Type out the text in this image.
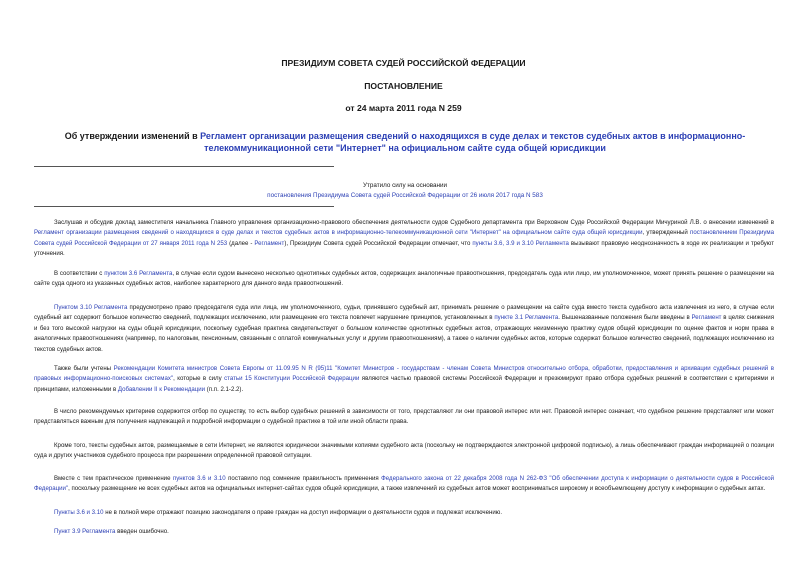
ПРЕЗИДИУМ СОВЕТА СУДЕЙ РОССИЙСКОЙ ФЕДЕРАЦИИ
ПОСТАНОВЛЕНИЕ
от 24 марта 2011 года N 259
Об утверждении изменений в Регламент организации размещения сведений о находящихся в суде делах и текстов судебных актов в информационно-телекоммуникационной сети "Интернет" на официальном сайте суда общей юрисдикции
Утратило силу на основании
постановления Президиума Совета судей Российской Федерации от 26 июля 2017 года N 583

Заслушав и обсудив доклад заместителя начальника Главного управления организационно-правового обеспечения деятельности судов Судебного департамента при Верховном Суде Российской Федерации Мичуриной Л.В. о внесении изменений в Регламент организации размещения сведений о находящихся в суде делах и текстов судебных актов в информационно-телекоммуникационной сети "Интернет" на официальном сайте суда общей юрисдикции, утвержденный постановлением Президиума Совета судей Российской Федерации от 27 января 2011 года N 253 (далее - Регламент), Президиум Совета судей Российской Федерации отмечает, что пункты 3.6, 3.9 и 3.10 Регламента вызывают правовую неоднозначность в ходе их реализации и требуют уточнения.

В соответствии с пунктом 3.6 Регламента, в случае если судом вынесено несколько однотипных судебных актов, содержащих аналогичные правоотношения, председатель суда или лицо, им уполномоченное, может принять решение о размещении на сайте суда одного из указанных судебных актов, наиболее характерного для данного вида правоотношений.

Пунктом 3.10 Регламента предусмотрено право председателя суда или лица, им уполномоченного, судьи, принявшего судебный акт, принимать решение о размещении на сайте суда вместо текста судебного акта извлечения из него, в случае если судебный акт содержит большое количество сведений, подлежащих исключению, или размещение его текста повлечет нарушение принципов, установленных в пункте 3.1 Регламента. Вышеназванные положения были введены в Регламент в целях снижения и без того высокой нагрузки на суды общей юрисдикции, поскольку судебная практика свидетельствует о большом количестве однотипных судебных актов, отражающих неизменную практику судов общей юрисдикции по оценке фактов и норм права в аналогичных правоотношениях (например, по налоговым, пенсионным, связанным с оплатой коммунальных услуг и другим правоотношениям), а также о наличии судебных актов, которые содержат большое количество сведений, подлежащих исключению из текстов судебных актов.

Также были учтены Рекомендации Комитета министров Совета Европы от 11.09.95 N R (95)11 "Комитет Министров - государствам - членам Совета Министров относительно отбора, обработки, предоставления и архивации судебных решений в правовых информационно-поисковых системах", которые в силу статьи 15 Конституции Российской Федерации являются частью правовой системы Российской Федерации и презюмируют право отбора судебных решений в соответствии с критериями и принципами, изложенными в Добавлении II к Рекомендации (п.п. 2.1-2.2).

В число рекомендуемых критериев содержится отбор по существу, то есть выбор судебных решений в зависимости от того, представляют ли они правовой интерес или нет. Правовой интерес означает, что судебное решение представляет или может представляться важным для получения надлежащей и подробной информации о судебной практике в той или иной области права.

Кроме того, тексты судебных актов, размещаемые в сети Интернет, не являются юридически значимыми копиями судебного акта (поскольку не подтверждаются электронной цифровой подписью), а лишь обеспечивают граждан информацией о позиции суда и других участников судебного процесса при разрешении определенной правовой ситуации.

Вместе с тем практическое применение пунктов 3.6 и 3.10 поставило под сомнение правильность применения Федерального закона от 22 декабря 2008 года N 262-ФЗ "Об обеспечении доступа к информации о деятельности судов в Российской Федерации", поскольку размещение не всех судебных актов на официальных интернет-сайтах судов общей юрисдикции, а также извлечений из судебных актов может восприниматься широкому и всеобъемлющему доступу к информации о судебных актах.

Пункты 3.6 и 3.10 не в полной мере отражают позицию законодателя о праве граждан на доступ информации о деятельности судов и подлежат исключению.

Пункт 3.9 Регламента введен ошибочно.
